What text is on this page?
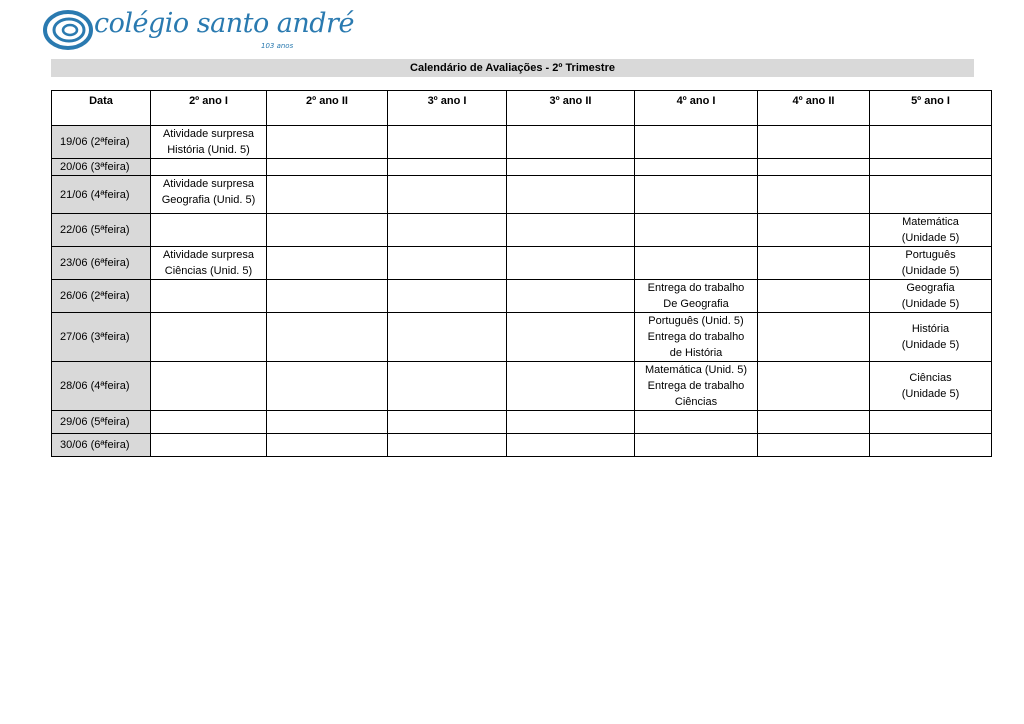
colégio santo andré
103 anos
Calendário de Avaliações - 2º Trimestre
Data	2º ano I	2º ano II	3º ano I	3º ano II	4º ano I	4º ano II	5º ano I
19/06 (2ªfeira)	Atividade surpresa
História (Unid. 5)						

20/06 (3ªfeira)							
21/06 (4ªfeira)	Atividade surpresa
Geografia (Unid. 5)						

22/06 (5ªfeira)							Matemática
(Unidade 5)

23/06 (6ªfeira)	Atividade surpresa
Ciências (Unid. 5)						Português
(Unidade 5)

26/06 (2ªfeira)					Entrega do trabalho
De Geografia		Geografia
(Unidade 5)

27/06 (3ªfeira)					Português (Unid. 5)
Entrega do trabalho
de História		História
(Unidade 5)

28/06 (4ªfeira)					Matemática (Unid. 5)
Entrega de trabalho
Ciências		Ciências
(Unidade 5)

29/06 (5ªfeira)							
30/06 (6ªfeira)							
